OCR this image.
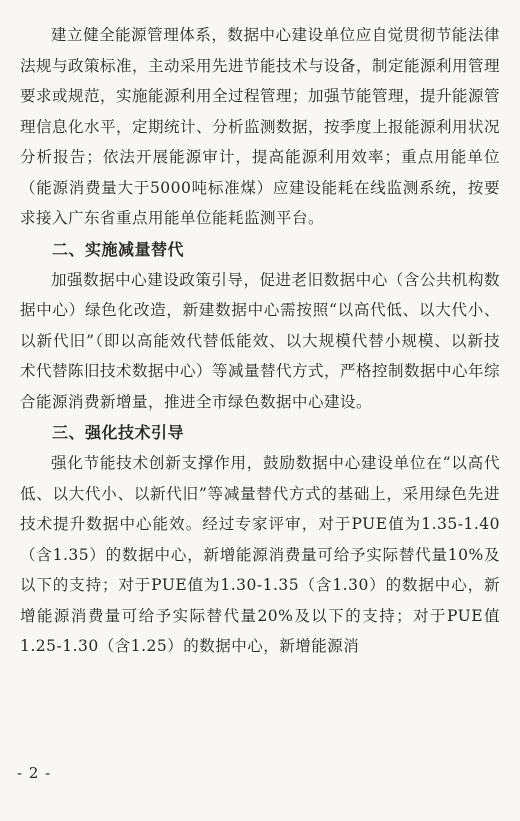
建立健全能源管理体系，数据中心建设单位应自觉贯彻节能法律法规与政策标准，主动采用先进节能技术与设备，制定能源利用管理要求或规范，实施能源利用全过程管理；加强节能管理，提升能源管理信息化水平，定期统计、分析监测数据，按季度上报能源利用状况分析报告；依法开展能源审计，提高能源利用效率；重点用能单位（能源消费量大于5000吨标准煤）应建设能耗在线监测系统，按要求接入广东省重点用能单位能耗监测平台。

二、实施减量替代

加强数据中心建设政策引导，促进老旧数据中心（含公共机构数据中心）绿色化改造，新建数据中心需按照“以高代低、以大代小、以新代旧”（即以高能效代替低能效、以大规模代替小规模、以新技术代替陈旧技术数据中心）等减量替代方式，严格控制数据中心年综合能源消费新增量，推进全市绿色数据中心建设。

三、强化技术引导

强化节能技术创新支撑作用，鼓励数据中心建设单位在“以高代低、以大代小、以新代旧”等减量替代方式的基础上，采用绿色先进技术提升数据中心能效。经过专家评审，对于PUE值为1.35-1.40（含1.35）的数据中心，新增能源消费量可给予实际替代量10%及以下的支持；对于PUE值为1.30-1.35（含1.30）的数据中心，新增能源消费量可给予实际替代量20%及以下的支持；对于PUE值1.25-1.30（含1.25）的数据中心，新增能源消

- 2 -
